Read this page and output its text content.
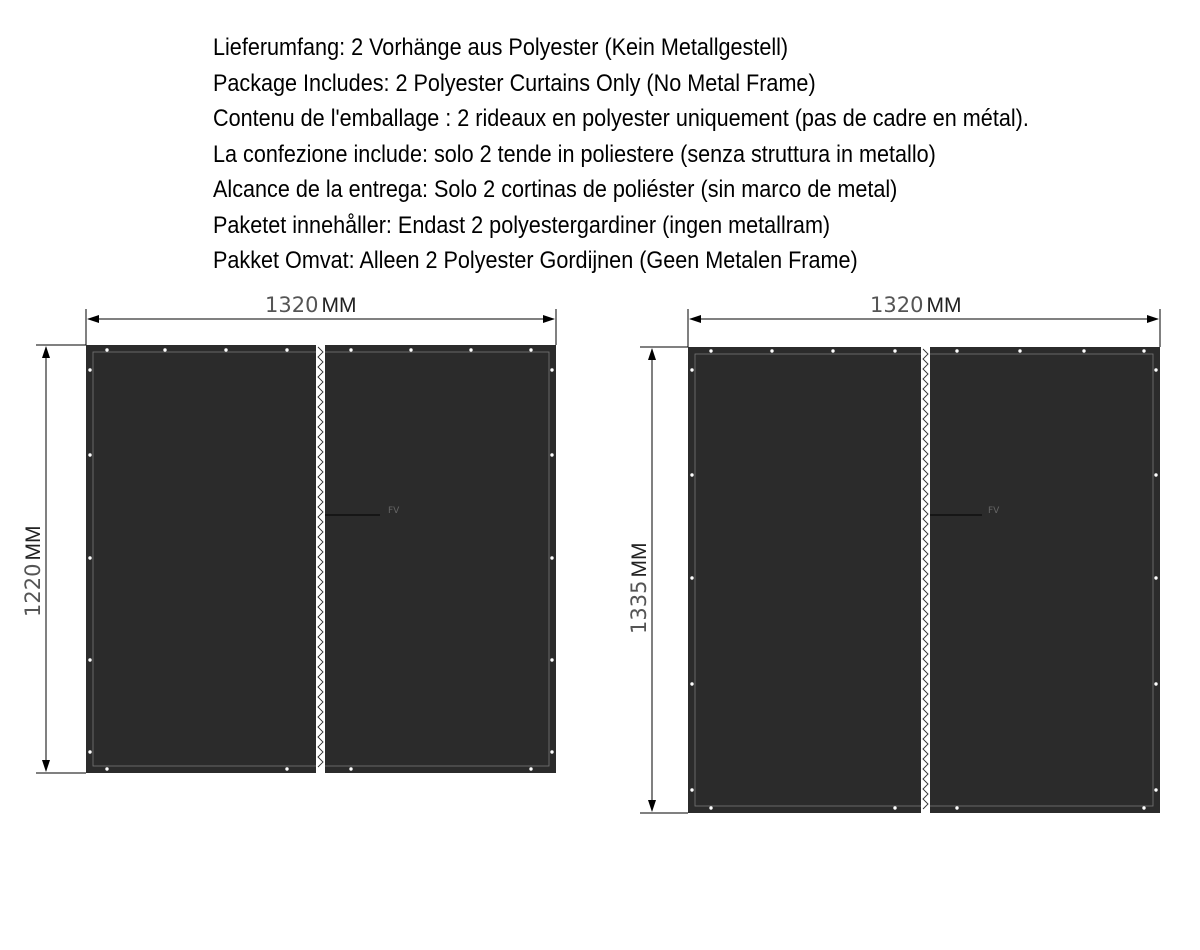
Lieferumfang: 2 Vorhänge aus Polyester (Kein Metallgestell)
Package Includes: 2 Polyester Curtains Only (No Metal Frame)
Contenu de l'emballage : 2 rideaux en polyester uniquement (pas de cadre en métal).
La confezione include: solo 2 tende in poliestere (senza struttura in metallo)
Alcance de la entrega: Solo 2 cortinas de poliéster (sin marco de metal)
Paketet innehåller: Endast 2 polyestergardiner (ingen metallram)
Pakket Omvat: Alleen 2 Polyester Gordijnen (Geen Metalen Frame)
1320 MM
1220MM
FV
1320 MM
1335MM
FV
